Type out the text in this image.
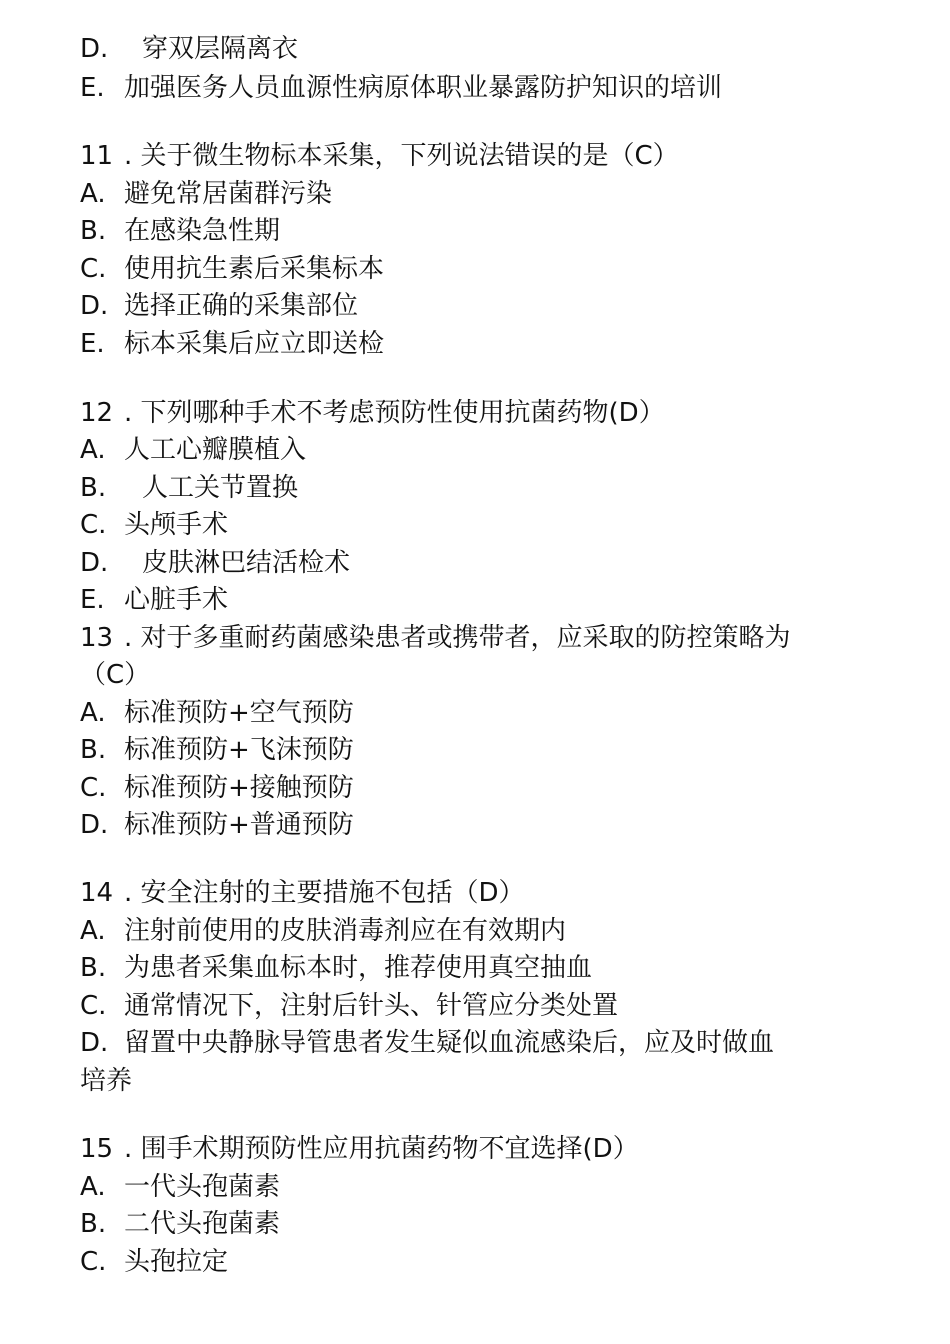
D. 穿双层隔离衣
E. 加强医务人员血源性病原体职业暴露防护知识的培训
11 . 关于微生物标本采集，下列说法错误的是（C）
A. 避免常居菌群污染
B. 在感染急性期
C. 使用抗生素后采集标本
D. 选择正确的采集部位
E. 标本采集后应立即送检
12 . 下列哪种手术不考虑预防性使用抗菌药物(D）
A. 人工心瓣膜植入
B. 人工关节置换
C. 头颅手术
D. 皮肤淋巴结活检术
E. 心脏手术
13 . 对于多重耐药菌感染患者或携带者，应采取的防控策略为
（C）
A. 标准预防+空气预防
B. 标准预防+飞沫预防
C. 标准预防+接触预防
D. 标准预防+普通预防
14 . 安全注射的主要措施不包括（D）
A. 注射前使用的皮肤消毒剂应在有效期内
B. 为患者采集血标本时，推荐使用真空抽血
C. 通常情况下，注射后针头、针管应分类处置
D. 留置中央静脉导管患者发生疑似血流感染后，应及时做血
培养
15 . 围手术期预防性应用抗菌药物不宜选择(D）
A. 一代头孢菌素
B. 二代头孢菌素
C. 头孢拉定
